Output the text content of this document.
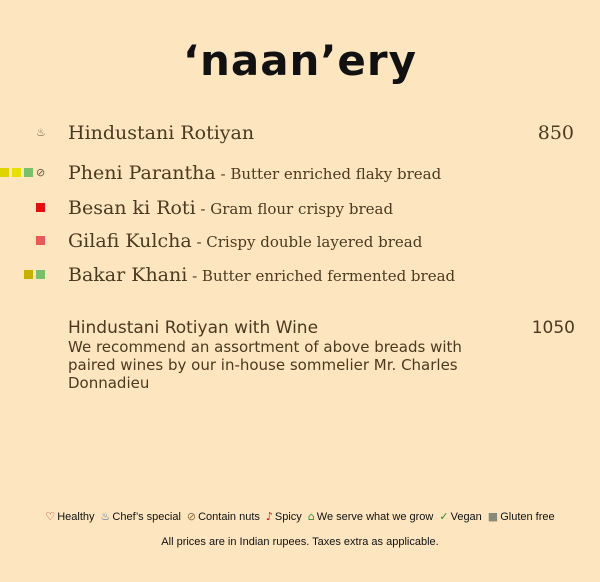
‘naan’ery
♨ Hindustani Rotiyan	850
⊘ Pheni Parantha - Butter enriched flaky bread
Besan ki Roti - Gram flour crispy bread
Gilafi Kulcha - Crispy double layered bread
Bakar Khani - Butter enriched fermented bread
Hindustani Rotiyan with Wine	1050
We recommend an assortment of above breads with paired wines by our in-house sommelier Mr. Charles Donnadieu
♡ Healthy ♨ Chef’s special ⊘ Contain nuts ♪ Spicy ⌂ We serve what we grow ✓ Vegan ■ Gluten free
All prices are in Indian rupees. Taxes extra as applicable.
